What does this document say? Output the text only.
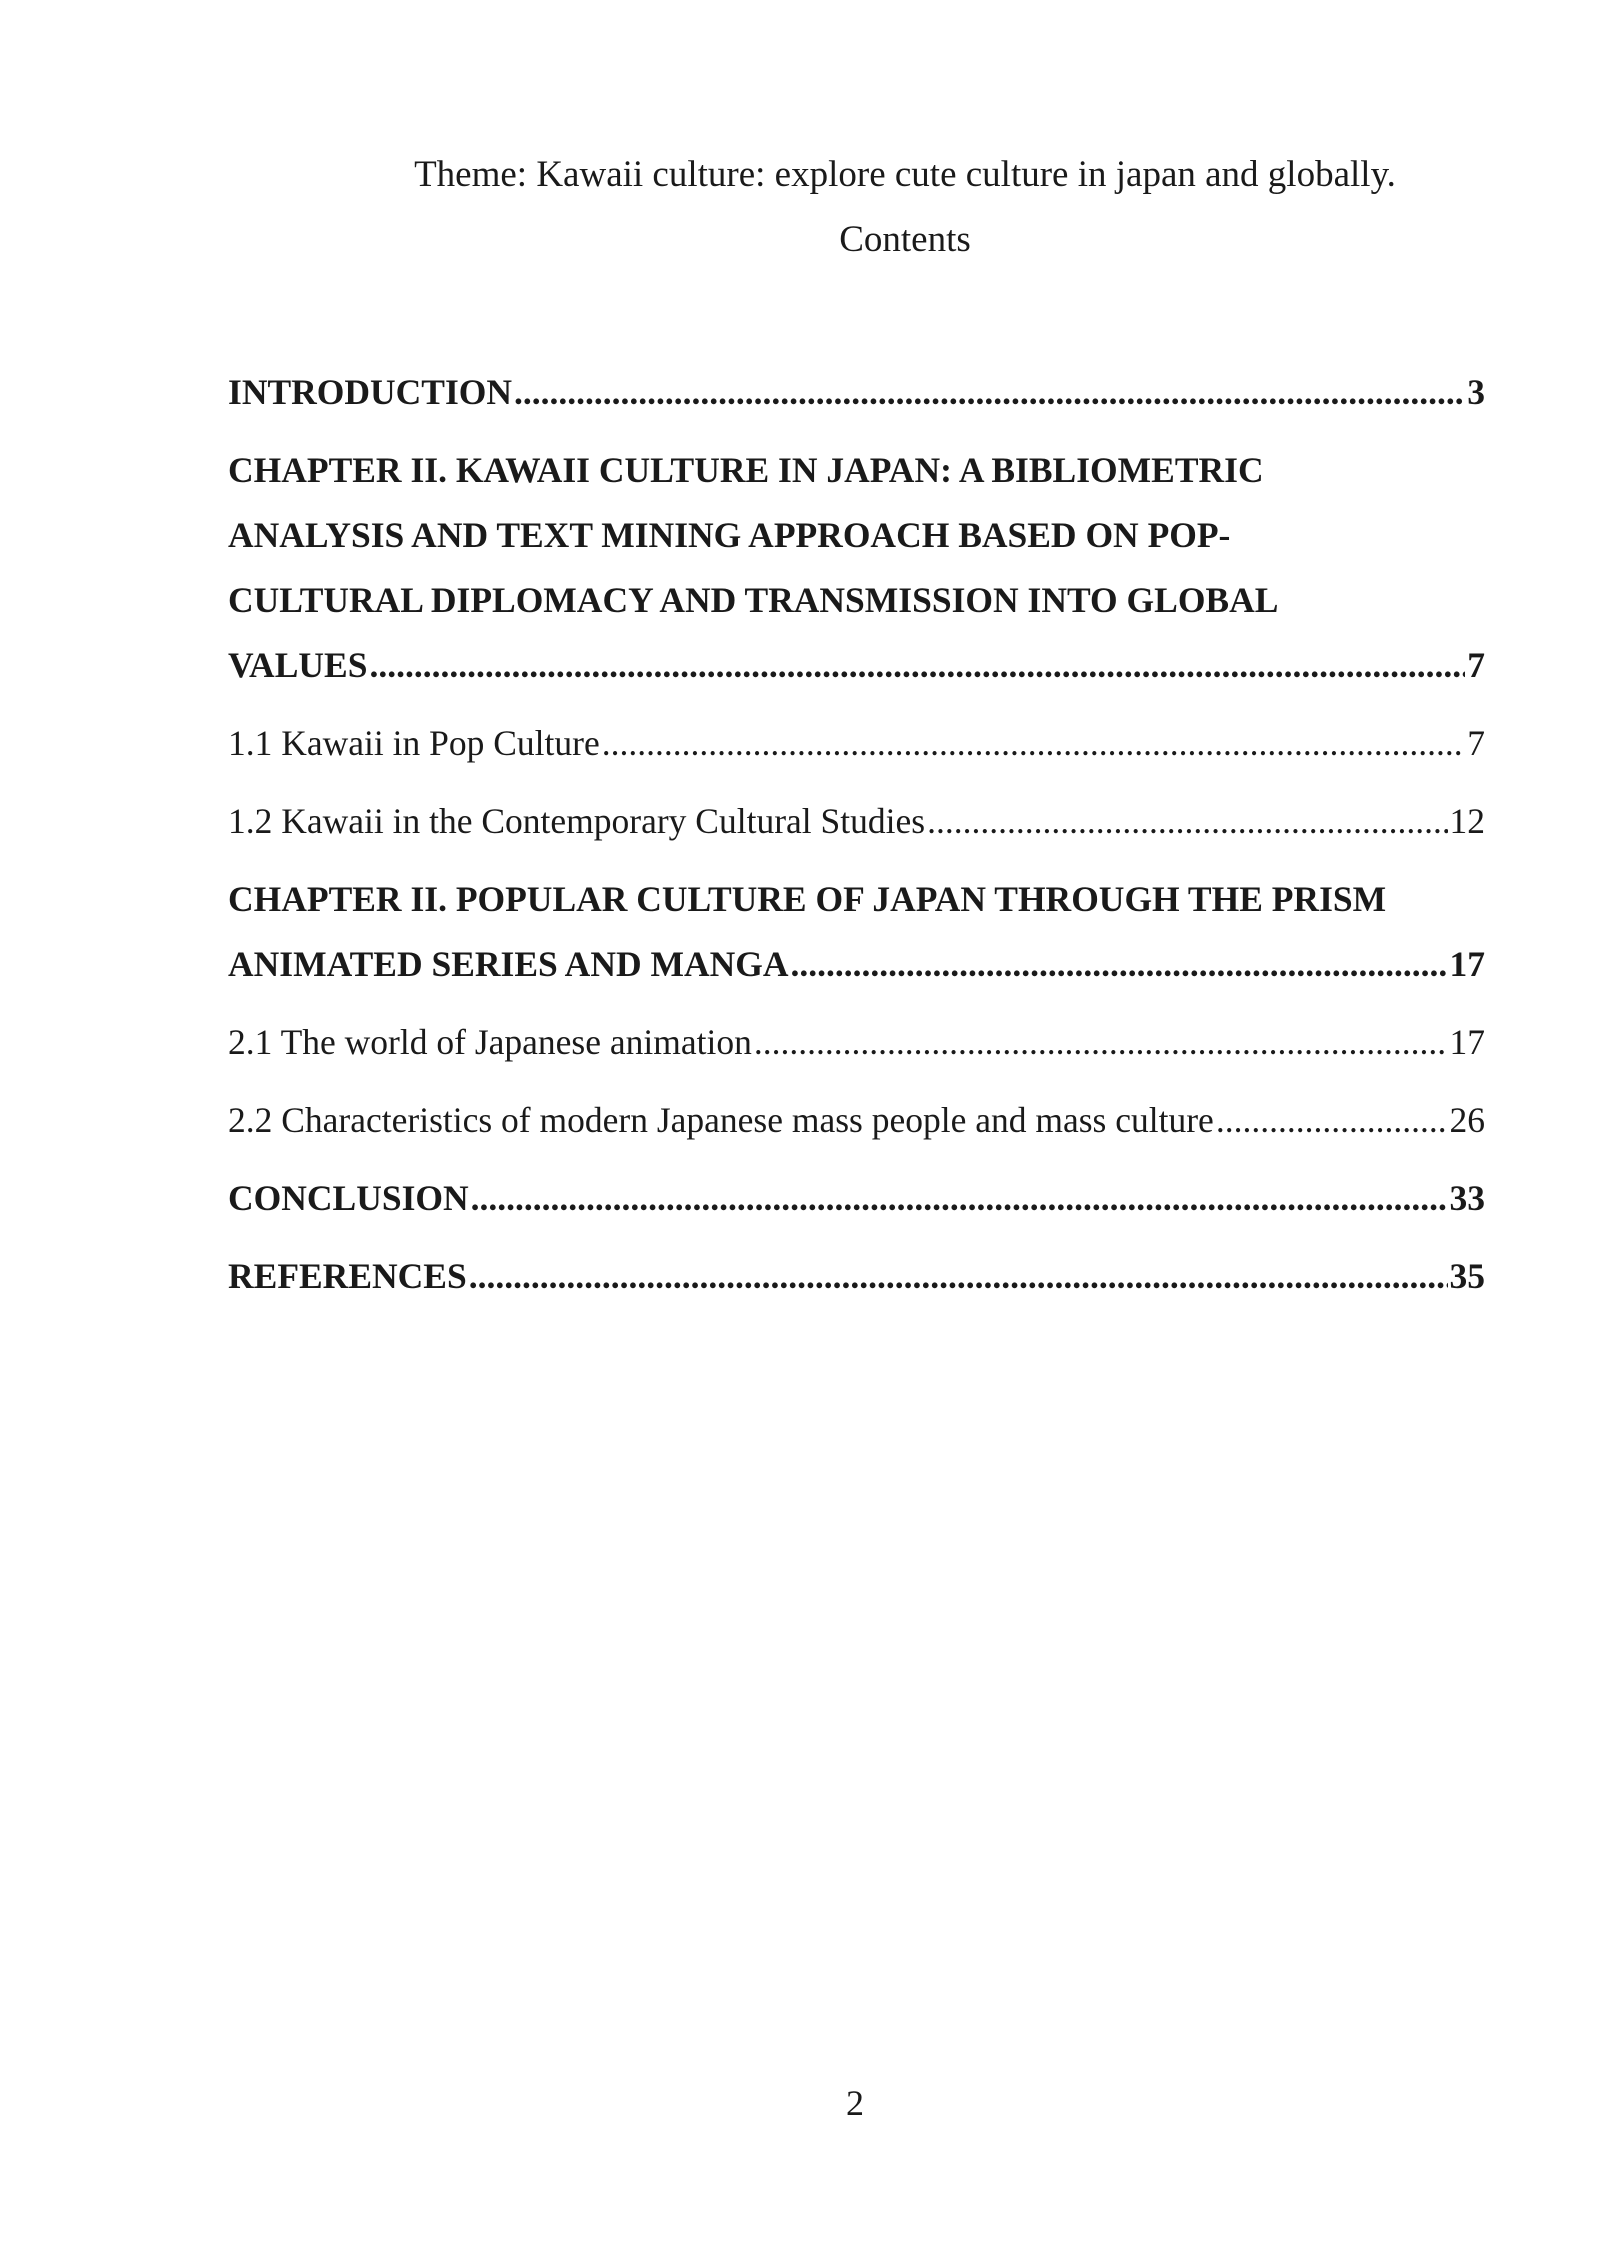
Theme: Kawaii culture: explore cute culture in japan and globally.
Contents
INTRODUCTION .....	3
CHAPTER II. KAWAII CULTURE IN JAPAN: A BIBLIOMETRIC
ANALYSIS AND TEXT MINING APPROACH BASED ON POP-
CULTURAL DIPLOMACY AND TRANSMISSION INTO GLOBAL
VALUES .....	7
1.1 Kawaii in Pop Culture .....	7
1.2 Kawaii in the Contemporary Cultural Studies .....	12
CHAPTER II. POPULAR CULTURE OF JAPAN THROUGH THE PRISM
ANIMATED SERIES AND MANGA .....	17
2.1 The world of Japanese animation .....	17
2.2 Characteristics of modern Japanese mass people and mass culture .....	26
CONCLUSION .....	33
REFERENCES .....	35
2
